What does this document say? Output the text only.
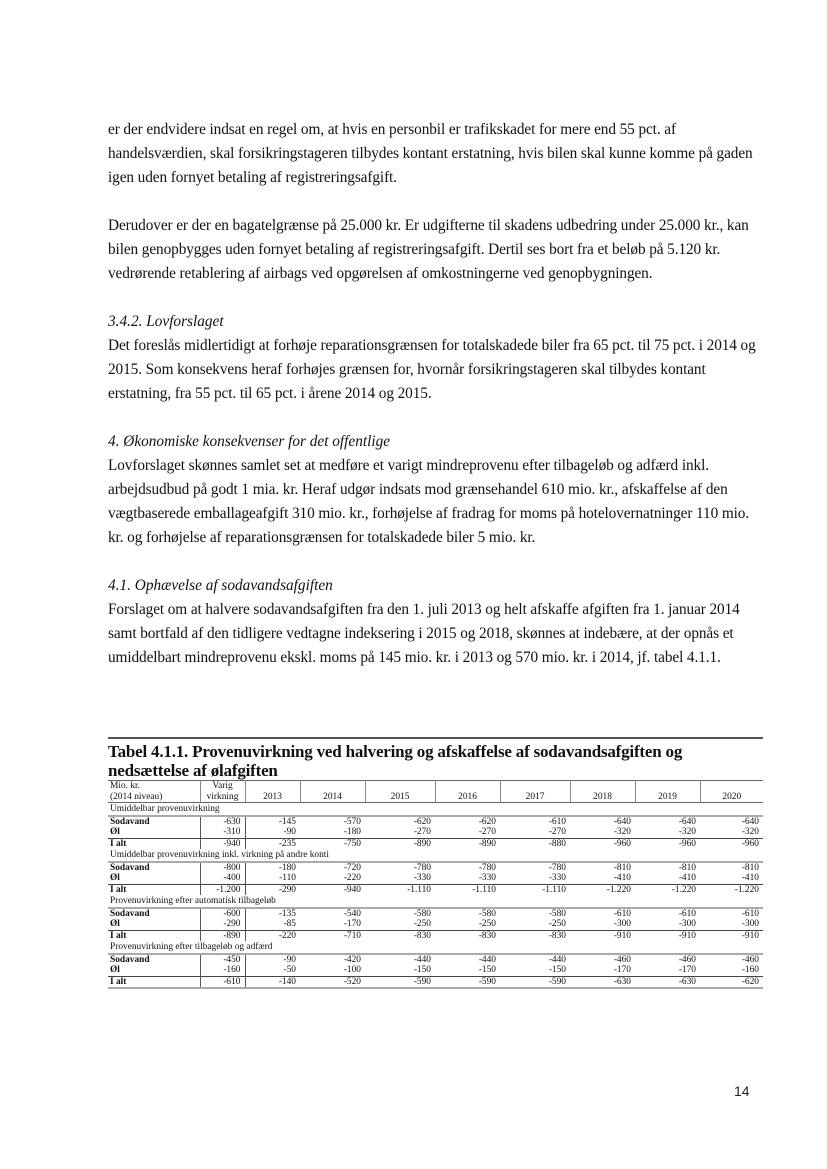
er der endvidere indsat en regel om, at hvis en personbil er trafikskadet for mere end 55 pct. af handelsværdien, skal forsikringstageren tilbydes kontant erstatning, hvis bilen skal kunne komme på gaden igen uden fornyet betaling af registreringsafgift.

Derudover er der en bagatelgrænse på 25.000 kr. Er udgifterne til skadens udbedring under 25.000 kr., kan bilen genopbygges uden fornyet betaling af registreringsafgift. Dertil ses bort fra et beløb på 5.120 kr. vedrørende retablering af airbags ved opgørelsen af omkostningerne ved genopbygningen.

3.4.2. Lovforslaget

Det foreslås midlertidigt at forhøje reparationsgrænsen for totalskadede biler fra 65 pct. til 75 pct. i 2014 og 2015. Som konsekvens heraf forhøjes grænsen for, hvornår forsikringstageren skal tilbydes kontant erstatning, fra 55 pct. til 65 pct. i årene 2014 og 2015.

4. Økonomiske konsekvenser for det offentlige

Lovforslaget skønnes samlet set at medføre et varigt mindreprovenu efter tilbageløb og adfærd inkl. arbejdsudbud på godt 1 mia. kr. Heraf udgør indsats mod grænsehandel 610 mio. kr., afskaffelse af den vægtbaserede emballageafgift 310 mio. kr., forhøjelse af fradrag for moms på hotelovernatninger 110 mio. kr. og forhøjelse af reparationsgrænsen for totalskadede biler 5 mio. kr.

4.1. Ophævelse af sodavandsafgiften

Forslaget om at halvere sodavandsafgiften fra den 1. juli 2013 og helt afskaffe afgiften fra 1. januar 2014 samt bortfald af den tidligere vedtagne indeksering i 2015 og 2018, skønnes at indebære, at der opnås et umiddelbart mindreprovenu ekskl. moms på 145 mio. kr. i 2013 og 570 mio. kr. i 2014, jf. tabel 4.1.1.

Tabel 4.1.1. Provenuvirkning ved halvering og afskaffelse af sodavandsafgiften og nedsættelse af ølafgiften
Mio. kr.
(2014 niveau)

Varig
virkning	2013	2014	2015	2016	2017	2018	2019	2020
Umiddelbar provenuvirkning									
Sodavand	-630	-145	-570	-620	-620	-610	-640	-640	-640
Øl	-310	-90	-180	-270	-270	-270	-320	-320	-320
I alt	-940	-235	-750	-890	-890	-880	-960	-960	-960
Umiddelbar provenuvirkning inkl. virkning på andre konti									
Sodavand	-800	-180	-720	-780	-780	-780	-810	-810	-810
Øl	-400	-110	-220	-330	-330	-330	-410	-410	-410
I alt	-1.200	-290	-940	-1.110	-1.110	-1.110	-1.220	-1.220	-1.220
Provenuvirkning efter automatisk tilbageløb									
Sodavand	-600	-135	-540	-580	-580	-580	-610	-610	-610
Øl	-290	-85	-170	-250	-250	-250	-300	-300	-300
I alt	-890	-220	-710	-830	-830	-830	-910	-910	-910
Provenuvirkning efter tilbageløb og adfærd									
Sodavand	-450	-90	-420	-440	-440	-440	-460	-460	-460
Øl	-160	-50	-100	-150	-150	-150	-170	-170	-160
I alt	-610	-140	-520	-590	-590	-590	-630	-630	-620
14
